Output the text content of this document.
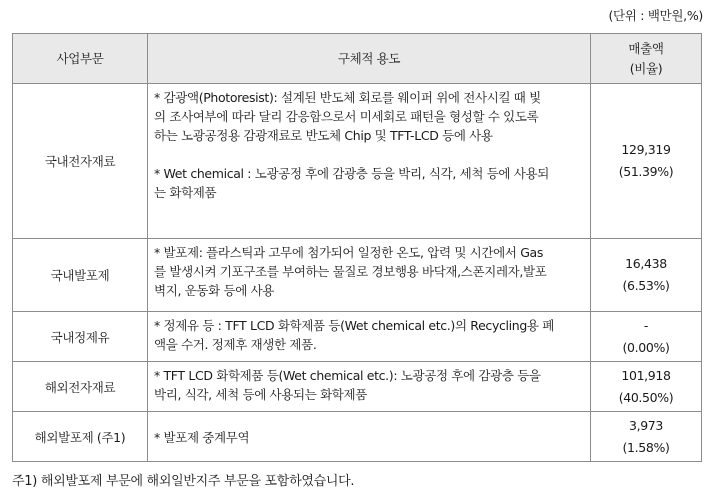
(단위 : 백만원,%)
사업부문	구체적 용도	매출액
(비율)

국내전자재료	* 감광액(Photoresist): 설계된 반도체 회로를 웨이퍼 위에 전사시킬 때 빛
의 조사여부에 따라 달리 감응함으로서 미세회로 패턴을 형성할 수 있도록
하는 노광공정용 감광재료로 반도체 Chip 및 TFT-LCD 등에 사용
* Wet chemical : 노광공정 후에 감광층 등을 박리, 식각, 세척 등에 사용되
는 화학제품	129,319
(51.39%)

국내발포제	* 발포제: 플라스틱과 고무에 첨가되어 일정한 온도, 압력 및 시간에서 Gas
를 발생시켜 기포구조를 부여하는 물질로 경보행용 바닥재,스폰지레자,발포
벽지, 운동화 등에 사용	16,438
(6.53%)

국내정제유	* 정제유 등 : TFT LCD 화학제품 등(Wet chemical etc.)의 Recycling용 폐
액을 수거. 정제후 재생한 제품.	-
(0.00%)

해외전자재료	* TFT LCD 화학제품 등(Wet chemical etc.): 노광공정 후에 감광층 등을
박리, 식각, 세척 등에 사용되는 화학제품	101,918
(40.50%)

해외발포제 (주1)	* 발포제 중계무역	3,973
(1.58%)
주1) 해외발포제 부문에 해외일반지주 부문을 포함하였습니다.
